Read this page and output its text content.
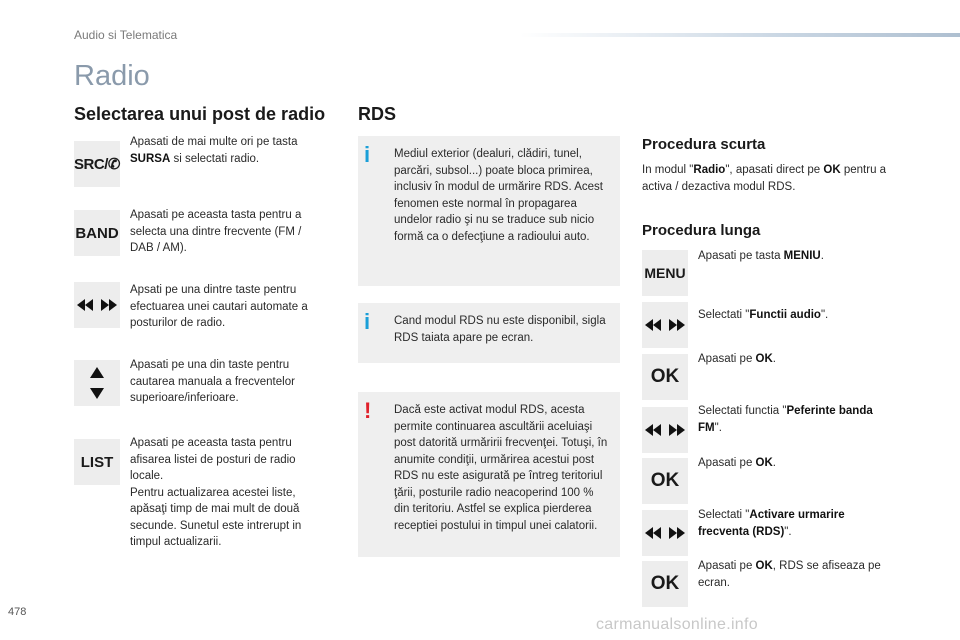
Audio si Telematica
Radio
Selectarea unui post de radio
SRC/✆
Apasati de mai multe ori pe tasta SURSA si selectati radio.
BAND
Apasati pe aceasta tasta pentru a selecta una dintre frecvente (FM / DAB / AM).
Apsati pe una dintre taste pentru efectuarea unei cautari automate a posturilor de radio.
Apasati pe una din taste pentru cautarea manuala a frecventelor superioare/inferioare.
LIST
Apasati pe aceasta tasta pentru afisarea listei de posturi de radio locale.
Pentru actualizarea acestei liste, apăsaţi timp de mai mult de două secunde. Sunetul este intrerupt in timpul actualizarii.
RDS
i Mediul exterior (dealuri, clădiri, tunel, parcări, subsol...) poate bloca primirea, inclusiv în modul de urmărire RDS. Acest fenomen este normal în propagarea undelor radio şi nu se traduce sub nicio formă ca o defecţiune a radioului auto.
i Cand modul RDS nu este disponibil, sigla RDS taiata apare pe ecran.
! Dacă este activat modul RDS, acesta permite continuarea ascultării aceluiaşi post datorită urmăririi frecvenţei. Totuşi, în anumite condiţii, urmărirea acestui post RDS nu este asigurată pe întreg teritoriul ţării, posturile radio neacoperind 100 % din teritoriu. Astfel se explica pierderea receptiei postului in timpul unei calatorii.
Procedura scurta
In modul "Radio", apasati direct pe OK pentru a activa / dezactiva modul RDS.
Procedura lunga
MENU
Apasati pe tasta MENIU.
Selectati "Functii audio".
OK
Apasati pe OK.
Selectati functia "Peferinte banda FM".
OK
Apasati pe OK.
Selectati "Activare urmarire frecventa (RDS)".
OK
Apasati pe OK, RDS se afiseaza pe ecran.
478
carmanualsonline.info
